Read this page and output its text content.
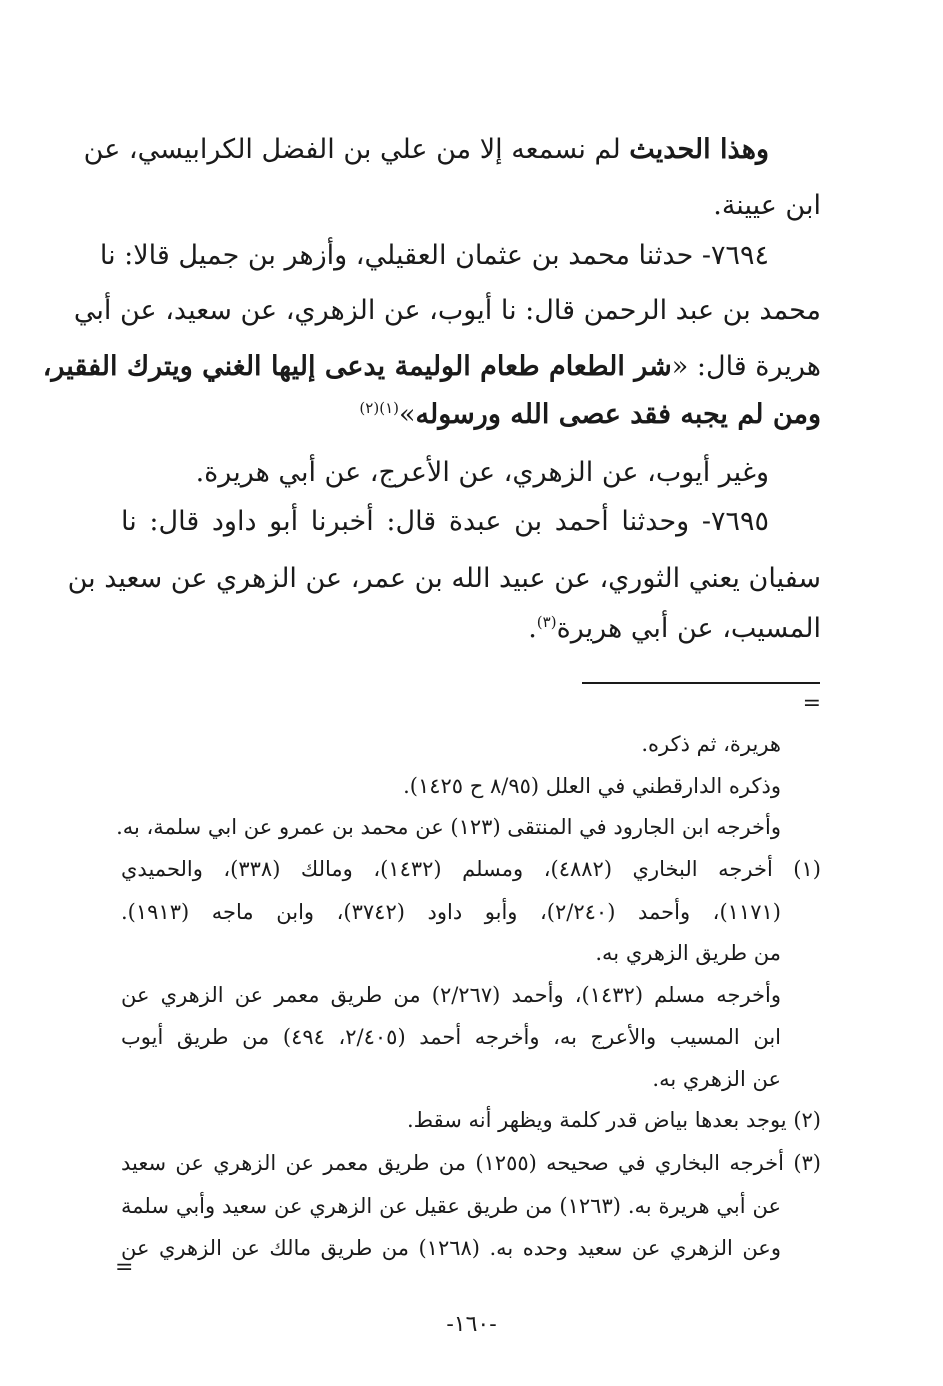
وهذا الحديث لم نسمعه إلا من علي بن الفضل الكرابيسي، عن
ابن عيينة.
٧٦٩٤- حدثنا محمد بن عثمان العقيلي، وأزهر بن جميل قالا: نا
محمد بن عبد الرحمن قال: نا أيوب، عن الزهري، عن سعيد، عن أبي
هريرة قال: «شر الطعام طعام الوليمة يدعى إليها الغني ويترك الفقير،
ومن لم يجبه فقد عصى الله ورسوله»$^{(١)(٢)}$
وغير أيوب، عن الزهري، عن الأعرج، عن أبي هريرة.
٧٦٩٥- وحدثنا أحمد بن عبدة قال: أخبرنا أبو داود قال: نا
سفيان يعني الثوري، عن عبيد الله بن عمر، عن الزهري عن سعيد بن
المسيب، عن أبي هريرة$^{(٣)}$.
=
هريرة، ثم ذكره.
وذكره الدارقطني في العلل (٨/٩٥ ح ١٤٢٥).
وأخرجه ابن الجارود في المنتقى (١٢٣) عن محمد بن عمرو عن ابي سلمة، به.
(١) أخرجه البخاري (٤٨٨٢)، ومسلم (١٤٣٢)، ومالك (٣٣٨)، والحميدي
(١١٧١)، وأحمد (٢/٢٤٠)، وأبو داود (٣٧٤٢)، وابن ماجه (١٩١٣).
من طريق الزهري به.
وأخرجه مسلم (١٤٣٢)، وأحمد (٢/٢٦٧) من طريق معمر عن الزهري عن
ابن المسيب والأعرج به، وأخرجه أحمد (٢/٤٠٥، ٤٩٤) من طريق أيوب
عن الزهري به.
(٢) يوجد بعدها بياض قدر كلمة ويظهر أنه سقط.
(٣) أخرجه البخاري في صحيحه (١٢٥٥) من طريق معمر عن الزهري عن سعيد
عن أبي هريرة به. (١٢٦٣) من طريق عقيل عن الزهري عن سعيد وأبي سلمة
وعن الزهري عن سعيد وحده به. (١٢٦٨) من طريق مالك عن الزهري عن
=
-١٦٠-
